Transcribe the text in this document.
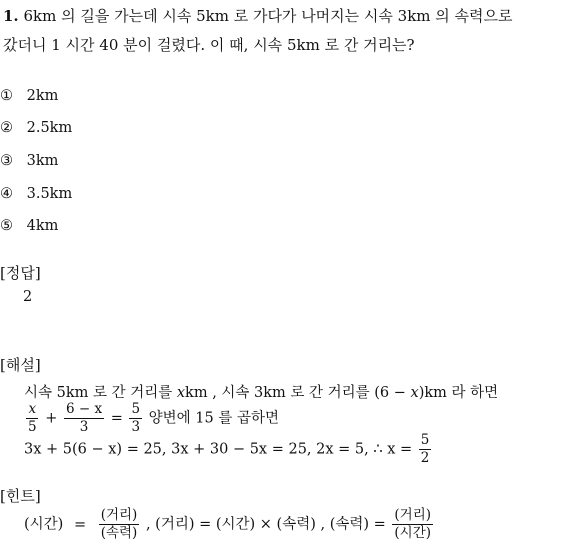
1. 6km 의 길을 가는데 시속 5km 로 가다가 나머지는 시속 3km 의 속력으로
갔더니 1 시간 40 분이 걸렸다. 이 때, 시속 5km 로 간 거리는?
① 2km
② 2.5km
③ 3km
④ 3.5km
⑤ 4km
[정답]
2
[해설]
시속 5km 로 간 거리를 xkm , 시속 3km 로 간 거리를 (6 − x)km 라 하면
$\frac{x}{5} + \frac{6 - x}{3} = \frac{5}{3}$ 양변에 15 를 곱하면
3x + 5(6 − x) = 25, 3x + 30 − 5x = 25, 2x = 5, ∴ $x = \frac{5}{2}$
[힌트]
(시간) = $\frac{\text{(거리)}}{\text{(속력)}}$ , (거리) = (시간) × (속력) , (속력) = $\frac{\text{(거리)}}{\text{(시간)}}$
